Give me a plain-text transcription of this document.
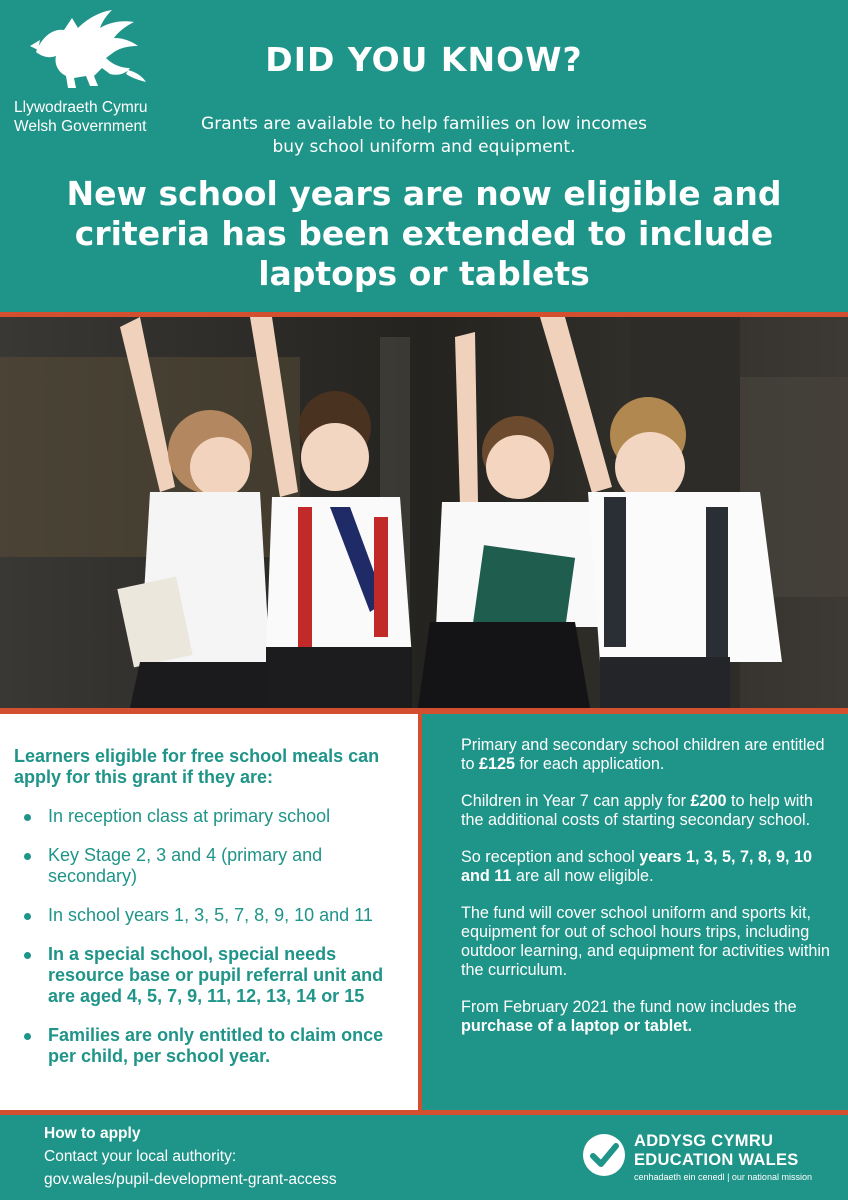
Llywodraeth Cymru
Welsh Government
DID YOU KNOW?
Grants are available to help families on low incomes
buy school uniform and equipment.
New school years are now eligible and criteria has been extended to include laptops or tablets
Learners eligible for free school meals can apply for this grant if they are:
In reception class at primary school
Key Stage 2, 3 and 4 (primary and secondary)
In school years 1, 3, 5, 7, 8, 9, 10 and 11
In a special school, special needs resource base or pupil referral unit and are aged 4, 5, 7, 9, 11, 12, 13, 14 or 15
Families are only entitled to claim once per child, per school year.

Primary and secondary school children are entitled to £125 for each application.

Children in Year 7 can apply for £200 to help with the additional costs of starting secondary school.

So reception and school years 1, 3, 5, 7, 8, 9, 10 and 11 are all now eligible.

The fund will cover school uniform and sports kit, equipment for out of school hours trips, including outdoor learning, and equipment for activities within the curriculum.

From February 2021 the fund now includes the purchase of a laptop or tablet.

How to apply
Contact your local authority:
gov.wales/pupil-development-grant-access
ADDYSG CYMRU
EDUCATION WALES
cenhadaeth ein cenedl | our national mission
